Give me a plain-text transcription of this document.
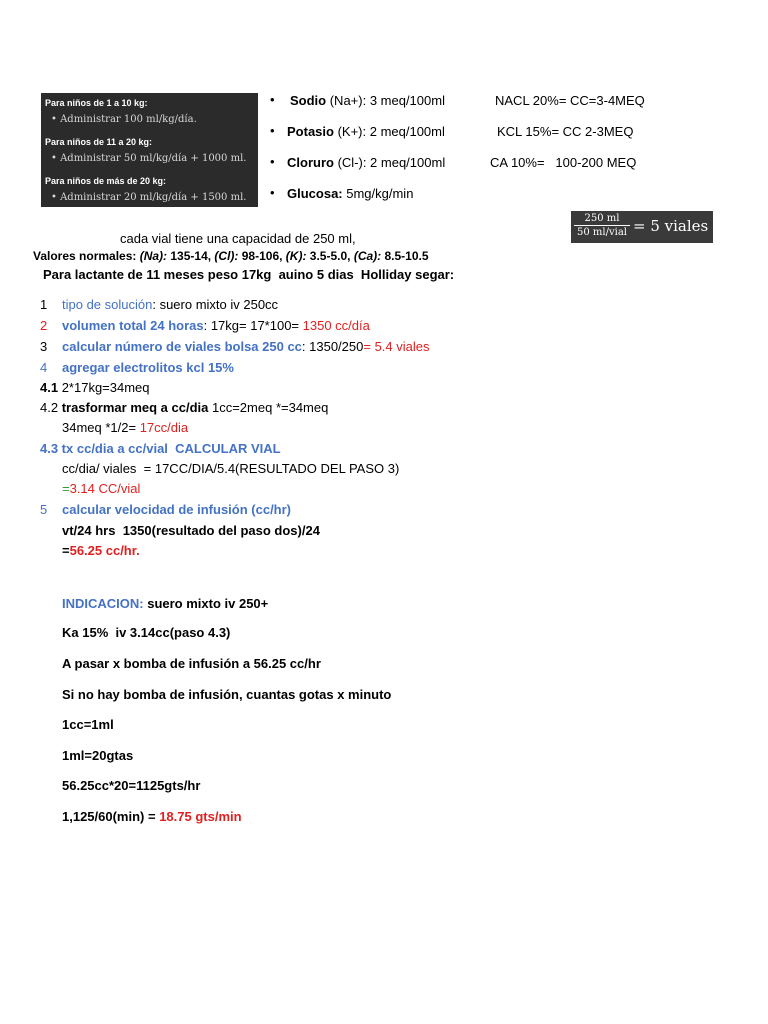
Para niños de 1 a 10 kg:
• Administrar 100 ml/kg/día.
Para niños de 11 a 20 kg:
• Administrar 50 ml/kg/día + 1000 ml.
Para niños de más de 20 kg:
• Administrar 20 ml/kg/día + 1500 ml.
• Sodio (Na+): 3 meq/100ml	NACL 20%= CC=3-4MEQ
• Potasio (K+): 2 meq/100ml	KCL 15%= CC 2-3MEQ
• Cloruro (Cl-): 2 meq/100ml	CA 10%=   100-200 MEQ
• Glucosa: 5mg/kg/min
250 ml
50 ml/vial = 5 viales
cada vial tiene una capacidad de 250 ml,
Valores normales: (Na): 135-14, (Cl): 98-106, (K): 3.5-5.0, (Ca): 8.5-10.5
Para lactante de 11 meses peso 17kg  auino 5 dias  Holliday segar:
1 tipo de solución: suero mixto iv 250cc
2 volumen total 24 horas: 17kg= 17*100= 1350 cc/día
3 calcular número de viales bolsa 250 cc: 1350/250= 5.4 viales
4 agregar electrolitos kcl 15%
4.1 2*17kg=34meq
4.2 trasformar meq a cc/dia 1cc=2meq *=34meq
34meq *1/2= 17cc/dia
4.3 tx cc/dia a cc/vial  CALCULAR VIAL
cc/dia/ viales  = 17CC/DIA/5.4(RESULTADO DEL PASO 3)
=3.14 CC/vial
5 calcular velocidad de infusión (cc/hr)
vt/24 hrs  1350(resultado del paso dos)/24
=56.25 cc/hr.
INDICACION: suero mixto iv 250+
Ka 15%  iv 3.14cc(paso 4.3)
A pasar x bomba de infusión a 56.25 cc/hr
Si no hay bomba de infusión, cuantas gotas x minuto
1cc=1ml
1ml=20gtas
56.25cc*20=1125gts/hr
1,125/60(min) = 18.75 gts/min
